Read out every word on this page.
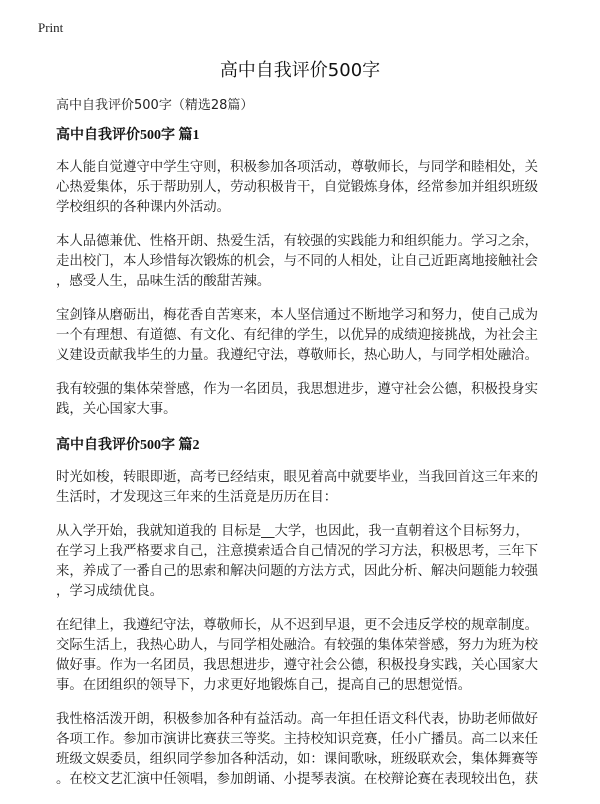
Print
高中自我评价500字
高中自我评价500字（精选28篇）
高中自我评价500字 篇1
本人能自觉遵守中学生守则，积极参加各项活动，尊敬师长，与同学和睦相处，关
心热爱集体，乐于帮助别人，劳动积极肯干，自觉锻炼身体，经常参加并组织班级
学校组织的各种课内外活动。
本人品德兼优、性格开朗、热爱生活，有较强的实践能力和组织能力。学习之余，
走出校门，本人珍惜每次锻炼的机会，与不同的人相处，让自己近距离地接触社会
，感受人生，品味生活的酸甜苦辣。
宝剑锋从磨砺出，梅花香自苦寒来，本人坚信通过不断地学习和努力，使自己成为
一个有理想、有道德、有文化、有纪律的学生，以优异的成绩迎接挑战，为社会主
义建设贡献我毕生的力量。我遵纪守法，尊敬师长，热心助人，与同学相处融洽。
我有较强的集体荣誉感，作为一名团员，我思想进步，遵守社会公德，积极投身实
践，关心国家大事。
高中自我评价500字 篇2
时光如梭，转眼即逝，高考已经结束，眼见着高中就要毕业，当我回首这三年来的
生活时，才发现这三年来的生活竟是历历在目：
从入学开始，我就知道我的 目标是__大学，也因此，我一直朝着这个目标努力，
在学习上我严格要求自己，注意摸索适合自己情况的学习方法，积极思考，三年下
来，养成了一番自己的思索和解决问题的方法方式，因此分析、解决问题能力较强
，学习成绩优良。
在纪律上，我遵纪守法，尊敬师长，从不迟到早退，更不会违反学校的规章制度。
交际生活上，我热心助人，与同学相处融洽。有较强的集体荣誉感，努力为班为校
做好事。作为一名团员，我思想进步，遵守社会公德，积极投身实践，关心国家大
事。在团组织的领导下，力求更好地锻炼自己，提高自己的思想觉悟。
我性格活泼开朗，积极参加各种有益活动。高一年担任语文科代表，协助老师做好
各项工作。参加市演讲比赛获三等奖。主持校知识竞赛，任小广播员。高二以来任
班级文娱委员，组织同学参加各种活动，如：课间歌咏，班级联欢会，集体舞赛等
。在校文艺汇演中任领唱，参加朗诵、小提琴表演。在校辩论赛在表现较出色，获
